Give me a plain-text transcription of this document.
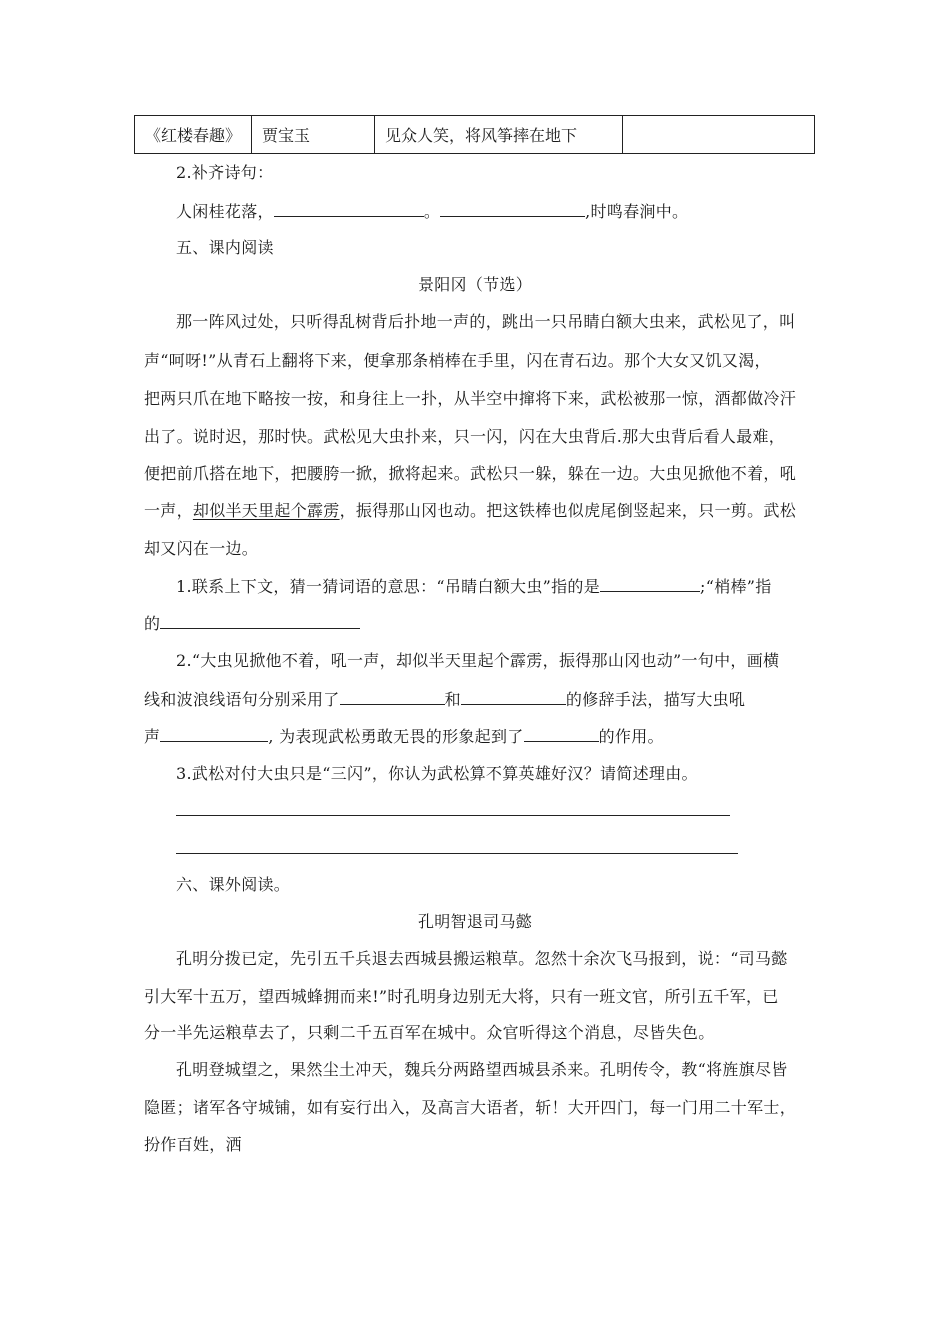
《红楼春趣》	贾宝玉	见众人笑，将风筝摔在地下	
2.补齐诗句：
人闲桂花落，	。	,时鸣春涧中。
五、课内阅读
景阳冈（节选）
那一阵风过处，只听得乱树背后扑地一声的，跳出一只吊睛白额大虫来，武松见了，叫
声“呵呀!”从青石上翻将下来，便拿那条梢棒在手里，闪在青石边。那个大女又饥又渴，
把两只爪在地下略按一按，和身往上一扑，从半空中撺将下来，武松被那一惊，酒都做冷汗
出了。说时迟，那时快。武松见大虫扑来，只一闪，闪在大虫背后.那大虫背后看人最难，
便把前爪搭在地下，把腰胯一掀，掀将起来。武松只一躲，躲在一边。大虫见掀他不着，吼
一声，却似半天里起个霹雳，振得那山冈也动。把这铁棒也似虎尾倒竖起来，只一剪。武松
却又闪在一边。
1.联系上下文，猜一猜词语的意思：“吊睛白额大虫”指的是	;“梢棒”指
的
2.“大虫见掀他不着，吼一声，却似半天里起个霹雳，振得那山冈也动”一句中，画横
线和波浪线语句分别采用了	和	的修辞手法，描写大虫吼
声	, 为表现武松勇敢无畏的形象起到了	的作用。
3.武松对付大虫只是“三闪”，你认为武松算不算英雄好汉？请简述理由。
六、课外阅读。
孔明智退司马懿
孔明分拨已定，先引五千兵退去西城县搬运粮草。忽然十余次飞马报到，说：“司马懿
引大军十五万，望西城蜂拥而来!”时孔明身边别无大将，只有一班文官，所引五千军，已
分一半先运粮草去了，只剩二千五百军在城中。众官听得这个消息，尽皆失色。
孔明登城望之，果然尘土冲天，魏兵分两路望西城县杀来。孔明传令，教“将旌旗尽皆
隐匿；诸军各守城铺，如有妄行出入，及高言大语者，斩！大开四门，每一门用二十军士，
扮作百姓，洒
